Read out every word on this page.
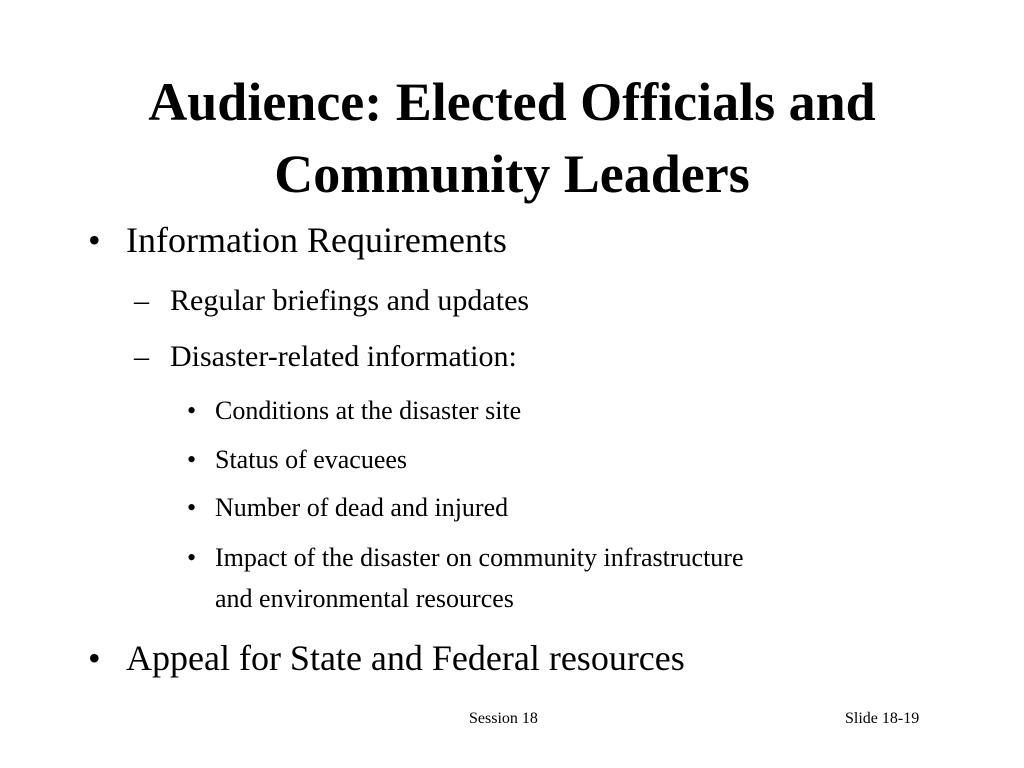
Audience: Elected Officials and
Community Leaders
• Information Requirements
– Regular briefings and updates
– Disaster-related information:
• Conditions at the disaster site
• Status of evacuees
• Number of dead and injured
• Impact of the disaster on community infrastructure
and environmental resources
• Appeal for State and Federal resources
Session 18	Slide 18-19
